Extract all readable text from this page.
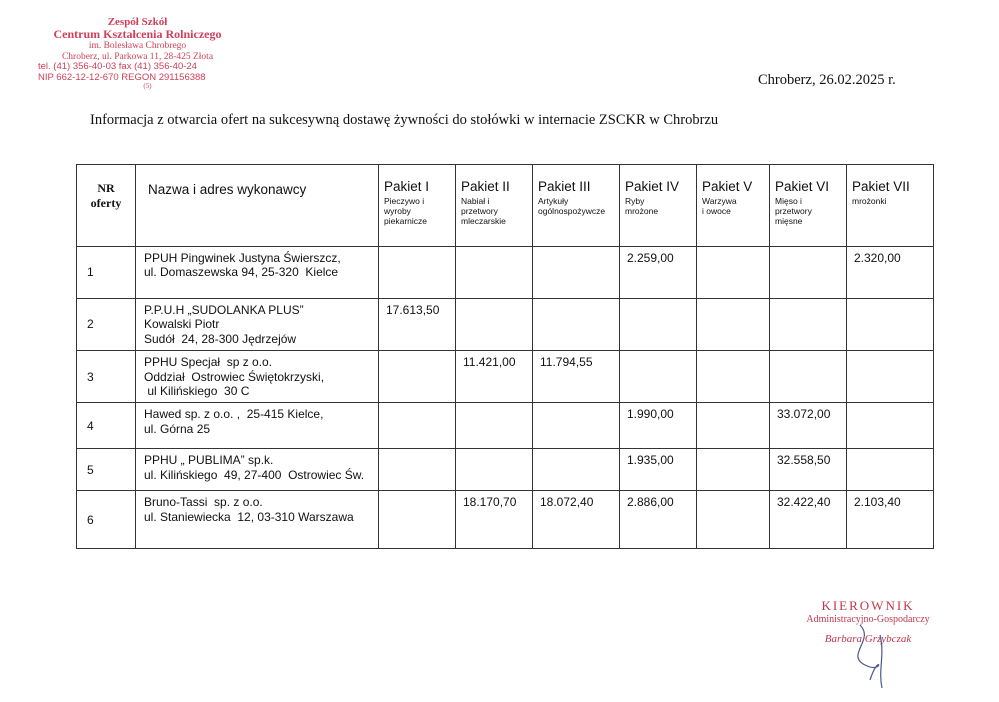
Zespół Szkół
Centrum Kształcenia Rolniczego
im. Bolesława Chrobrego
Chroberz, ul. Parkowa 11, 28-425 Złota
tel. (41) 356-40-03 fax (41) 356-40-24
NIP 662-12-12-670 REGON 291156388
(5)	Chroberz, 26.02.2025 r.
Informacja z otwarcia ofert na sukcesywną dostawę żywności do stołówki w internacie ZSCKR w Chrobrzu
NR
oferty	Nazwa i adres wykonawcy	Pakiet I
Pieczywo i
wyroby
piekarnicze	Pakiet II
Nabiał i
przetwory
mleczarskie	Pakiet III
Artykuły
ogólnospożywcze	Pakiet IV
Ryby
mrożone	Pakiet V
Warzywa
i owoce	Pakiet VI
Mięso i
przetwory
mięsne	Pakiet VII
mrożonki

1	PPUH Pingwinek Justyna Świerszcz,
ul. Domaszewska 94, 25-320  Kielce				2.259,00			2.320,00
2	P.P.U.H „SUDOLANKA PLUS”
Kowalski Piotr
Sudół  24, 28-300 Jędrzejów	17.613,50						
3	PPHU Specjał  sp z o.o.
Oddział  Ostrowiec Świętokrzyski,
ul Kilińskiego  30 C		11.421,00	11.794,55				
4	Hawed sp. z o.o. ,  25-415 Kielce,
ul. Górna 25				1.990,00		33.072,00	
5	PPHU „ PUBLIMA” sp.k.
ul. Kilińskiego  49, 27-400  Ostrowiec Św.				1.935,00		32.558,50	
6	Bruno-Tassi  sp. z o.o.
ul. Staniewiecka  12, 03-310 Warszawa		18.170,70	18.072,40	2.886,00		32.422,40	2.103,40
KIEROWNIK
Administracyjno-Gospodarczy
Barbara Grzybczak
